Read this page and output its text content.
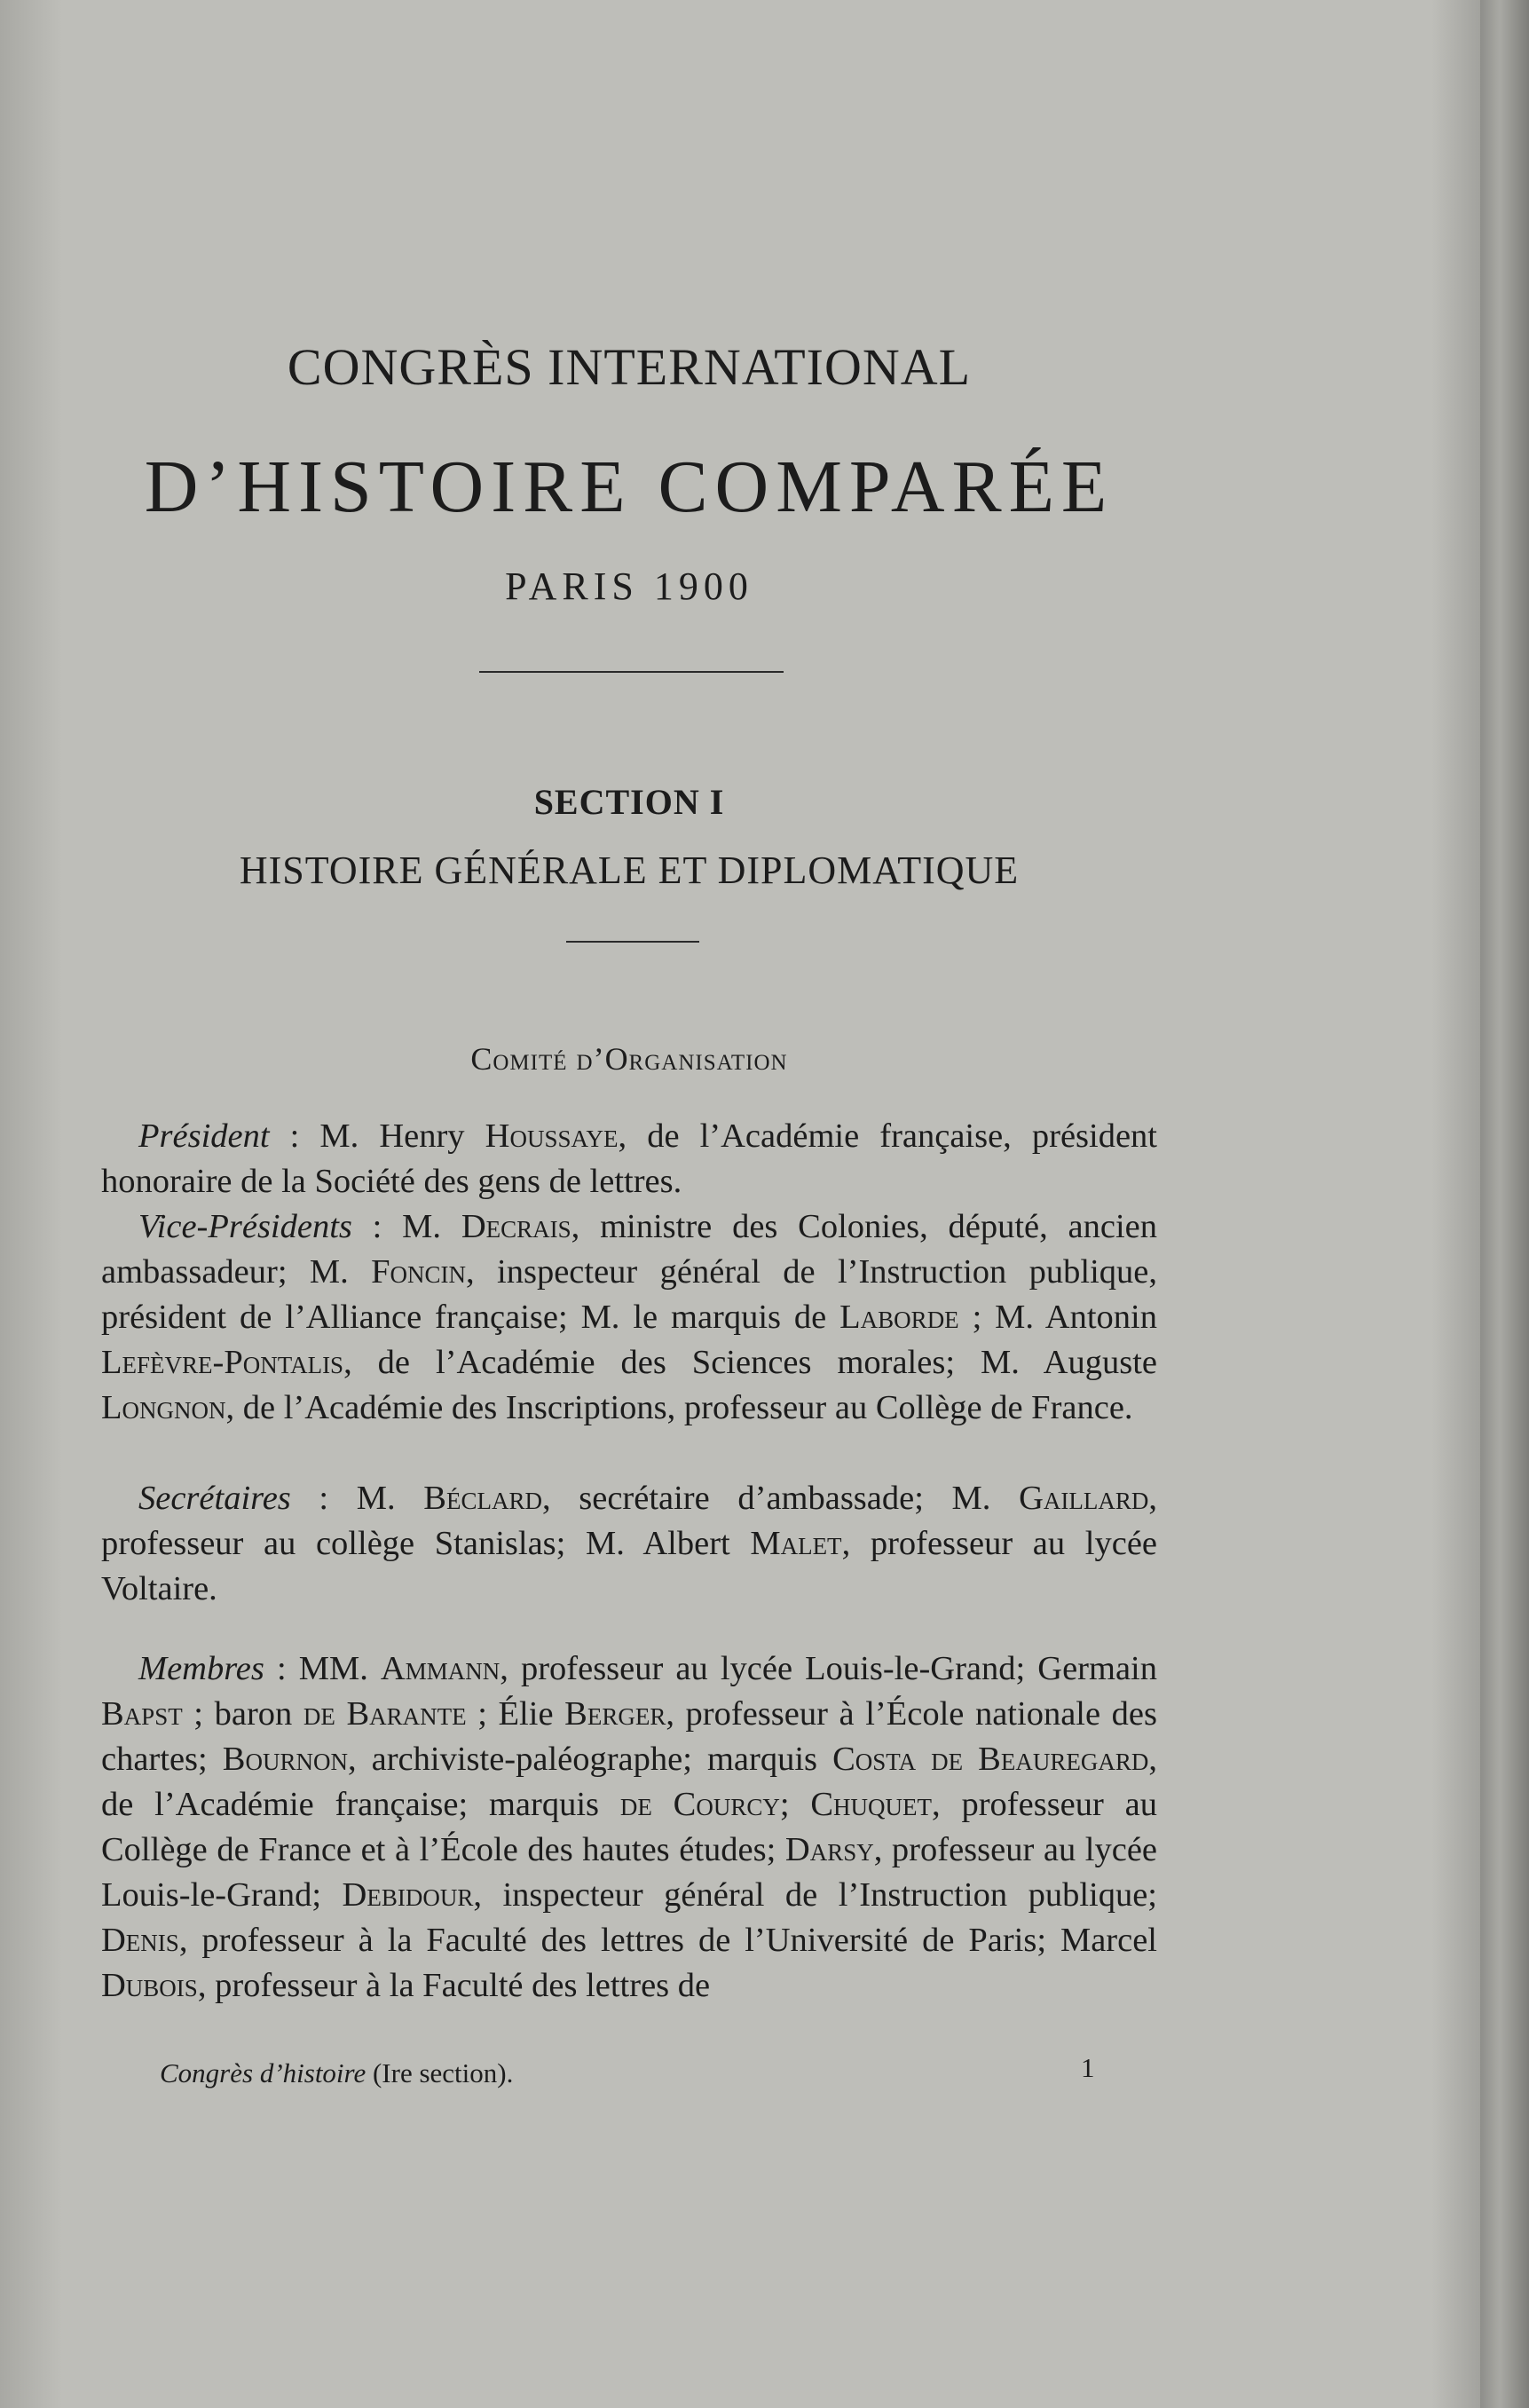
CONGRÈS INTERNATIONAL
D’HISTOIRE COMPARÉE
PARIS 1900
SECTION I
HISTOIRE GÉNÉRALE ET DIPLOMATIQUE
Comité d’Organisation

Président : M. Henry Houssaye, de l’Académie française, président honoraire de la Société des gens de lettres.

Vice-Présidents : M. Decrais, ministre des Colonies, député, ancien ambassadeur; M. Foncin, inspecteur général de l’Instruction publique, président de l’Alliance française; M. le marquis de Laborde ; M. Antonin Lefèvre-Pontalis, de l’Académie des Sciences morales; M. Auguste Longnon, de l’Académie des Inscriptions, professeur au Collège de France.

Secrétaires : M. Béclard, secrétaire d’ambassade; M. Gaillard, professeur au collège Stanislas; M. Albert Malet, professeur au lycée Voltaire.

Membres : MM. Ammann, professeur au lycée Louis-le-Grand; Germain Bapst ; baron de Barante ; Élie Berger, professeur à l’École nationale des chartes; Bournon, archiviste-paléographe; marquis Costa de Beauregard, de l’Académie française; marquis de Courcy; Chuquet, professeur au Collège de France et à l’École des hautes études; Darsy, professeur au lycée Louis-le-Grand; Debidour, inspecteur général de l’Instruction publique; Denis, professeur à la Faculté des lettres de l’Université de Paris; Marcel Dubois, professeur à la Faculté des lettres de

Congrès d’histoire (Ire section).	1
